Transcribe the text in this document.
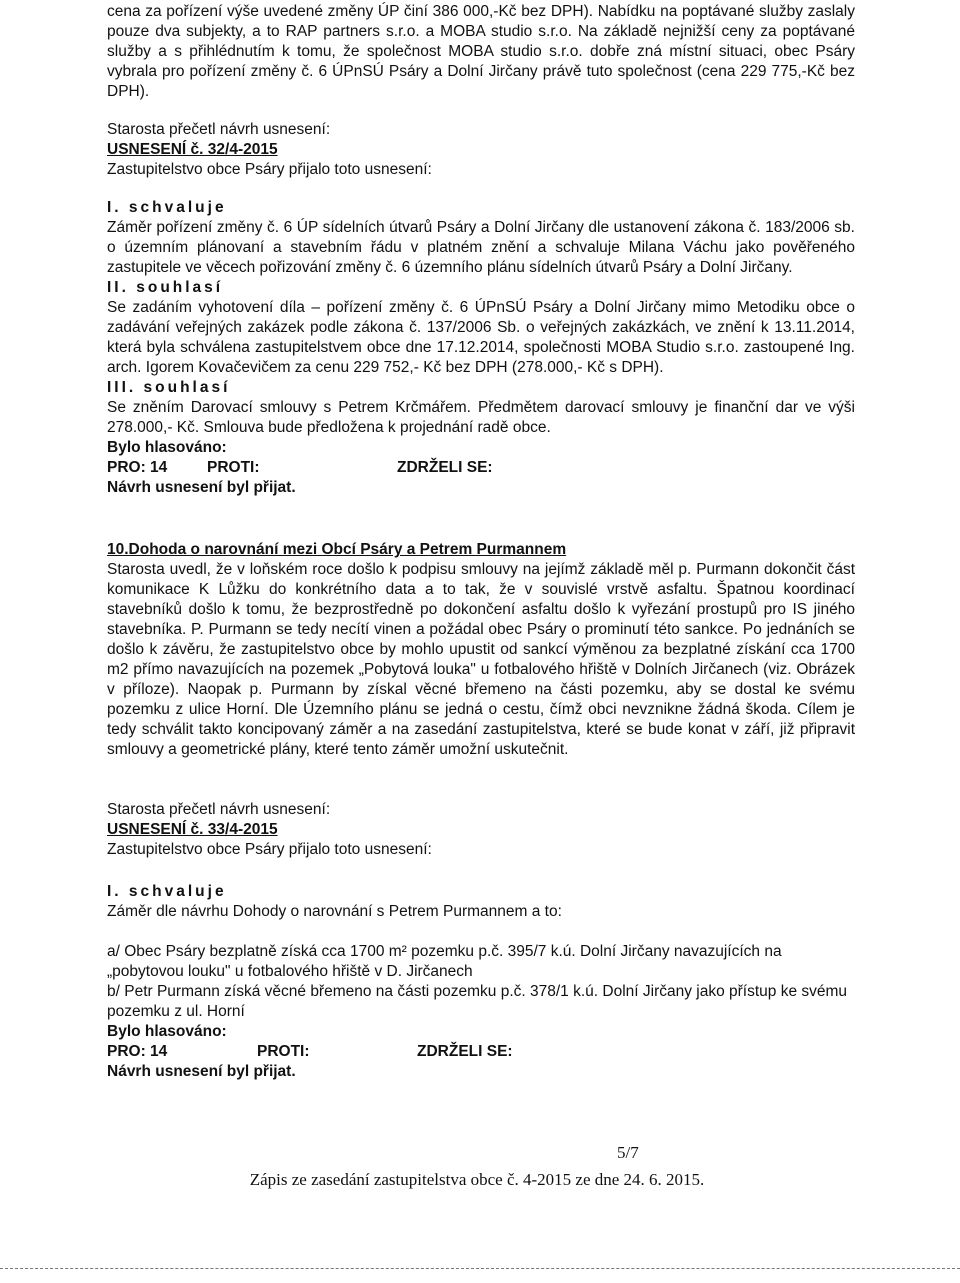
cena za pořízení výše uvedené změny ÚP činí 386 000,-Kč bez DPH). Nabídku na poptávané služby zaslaly pouze dva subjekty, a to RAP partners s.r.o. a MOBA studio s.r.o. Na základě nejnižší ceny za poptávané služby a s přihlédnutím k tomu, že společnost MOBA studio s.r.o. dobře zná místní situaci, obec Psáry vybrala pro pořízení změny č. 6 ÚPnSÚ Psáry a Dolní Jirčany právě tuto společnost (cena 229 775,-Kč bez DPH).

Starosta přečetl návrh usnesení:

USNESENÍ č. 32/4-2015

Zastupitelstvo obce Psáry přijalo toto usnesení:

I. schvaluje

Záměr pořízení změny č. 6 ÚP sídelních útvarů Psáry a Dolní Jirčany dle ustanovení zákona č. 183/2006 sb. o územním plánovaní a stavebním řádu v platném znění a schvaluje Milana Váchu jako pověřeného zastupitele ve věcech pořizování změny č. 6 územního plánu sídelních útvarů Psáry a Dolní Jirčany.

II. souhlasí

Se zadáním vyhotovení díla – pořízení změny č. 6 ÚPnSÚ Psáry a Dolní Jirčany mimo Metodiku obce o zadávání veřejných zakázek podle zákona č. 137/2006 Sb. o veřejných zakázkách, ve znění k 13.11.2014, která byla schválena zastupitelstvem obce dne 17.12.2014, společnosti MOBA Studio s.r.o. zastoupené Ing. arch. Igorem Kovačevičem za cenu 229 752,- Kč bez DPH (278.000,- Kč s DPH).

III. souhlasí

Se zněním Darovací smlouvy s Petrem Krčmářem. Předmětem darovací smlouvy je finanční dar ve výši 278.000,- Kč. Smlouva bude předložena k projednání radě obce.

Bylo hlasováno:

PRO: 14	PROTI:	ZDRŽELI SE:

Návrh usnesení byl přijat.

10.Dohoda o narovnání mezi Obcí Psáry a Petrem Purmannem

Starosta uvedl, že v loňském roce došlo k podpisu smlouvy na jejímž základě měl p. Purmann dokončit část komunikace K Lůžku do konkrétního data a to tak, že v souvislé vrstvě asfaltu. Špatnou koordinací stavebníků došlo k tomu, že bezprostředně po dokončení asfaltu došlo k vyřezání prostupů pro IS jiného stavebníka. P. Purmann se tedy necítí vinen a požádal obec Psáry o prominutí této sankce. Po jednáních se došlo k závěru, že zastupitelstvo obce by mohlo upustit od sankcí výměnou za bezplatné získání cca 1700 m2 přímo navazujících na pozemek „Pobytová louka" u fotbalového hřiště v Dolních Jirčanech (viz. Obrázek v příloze). Naopak p. Purmann by získal věcné břemeno na části pozemku, aby se dostal ke svému pozemku z ulice Horní. Dle Územního plánu se jedná o cestu, čímž obci nevznikne žádná škoda. Cílem je tedy schválit takto koncipovaný záměr a na zasedání zastupitelstva, které se bude konat v září, již připravit smlouvy a geometrické plány, které tento záměr umožní uskutečnit.

Starosta přečetl návrh usnesení:

USNESENÍ č. 33/4-2015

Zastupitelstvo obce Psáry přijalo toto usnesení:

I. schvaluje

Záměr dle návrhu Dohody o narovnání s Petrem Purmannem a to:

a/ Obec Psáry bezplatně získá cca 1700 m² pozemku p.č. 395/7 k.ú. Dolní Jirčany navazujících na „pobytovou louku" u fotbalového hřiště v D. Jirčanech

b/ Petr Purmann získá věcné břemeno na části pozemku p.č. 378/1 k.ú. Dolní Jirčany jako přístup ke svému pozemku z ul. Horní

Bylo hlasováno:

PRO: 14	PROTI:	ZDRŽELI SE:

Návrh usnesení byl přijat.

5/7
Zápis ze zasedání zastupitelstva obce č. 4-2015 ze dne 24. 6. 2015.
